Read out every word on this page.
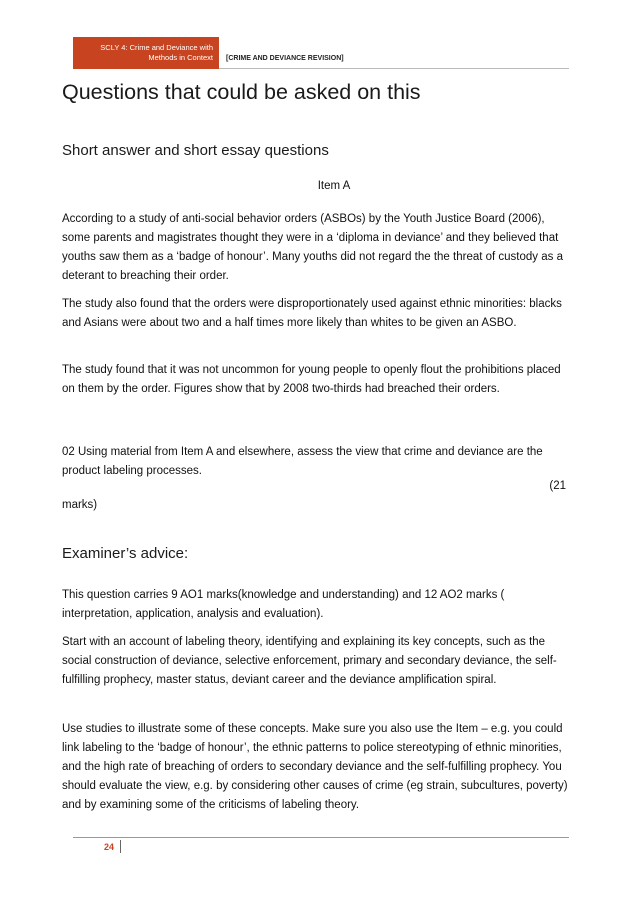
SCLY 4: Crime and Deviance with
Methods in Context [CRIME AND DEVIANCE REVISION]
Questions that could be asked on this
Short answer and short essay questions
Item A

According to a study of anti-social behavior orders (ASBOs) by the Youth Justice Board (2006), some parents and magistrates thought they were in a ‘diploma in deviance’ and they believed that youths saw them as a ‘badge of honour’. Many youths did not regard the the threat of custody as a deterant to breaching their order.

The study also found that the orders were disproportionately used against ethnic minorities: blacks and Asians were about two and a half times more likely than whites to be given an ASBO.

The study found that it was not uncommon for young people to openly flout the prohibitions placed on them by the order. Figures show that by 2008 two-thirds had breached their orders.

02 Using material from Item A and elsewhere, assess the view that crime and deviance are the product labeling processes.

(21
marks)
Examiner’s advice:

This question carries 9 AO1 marks(knowledge and understanding) and 12 AO2 marks ( interpretation, application, analysis and evaluation).

Start with an account of labeling theory, identifying and explaining its key concepts, such as the social construction of deviance, selective enforcement, primary and secondary deviance, the self-fulfilling prophecy, master status, deviant career and the deviance amplification spiral.

Use studies to illustrate some of these concepts. Make sure you also use the Item – e.g. you could link labeling to the ‘badge of honour’, the ethnic patterns to police stereotyping of ethnic minorities, and the high rate of breaching of orders to secondary deviance and the self-fulfilling prophecy. You should evaluate the view, e.g. by considering other causes of crime (eg strain, subcultures, poverty) and by examining some of the criticisms of labeling theory.

24
